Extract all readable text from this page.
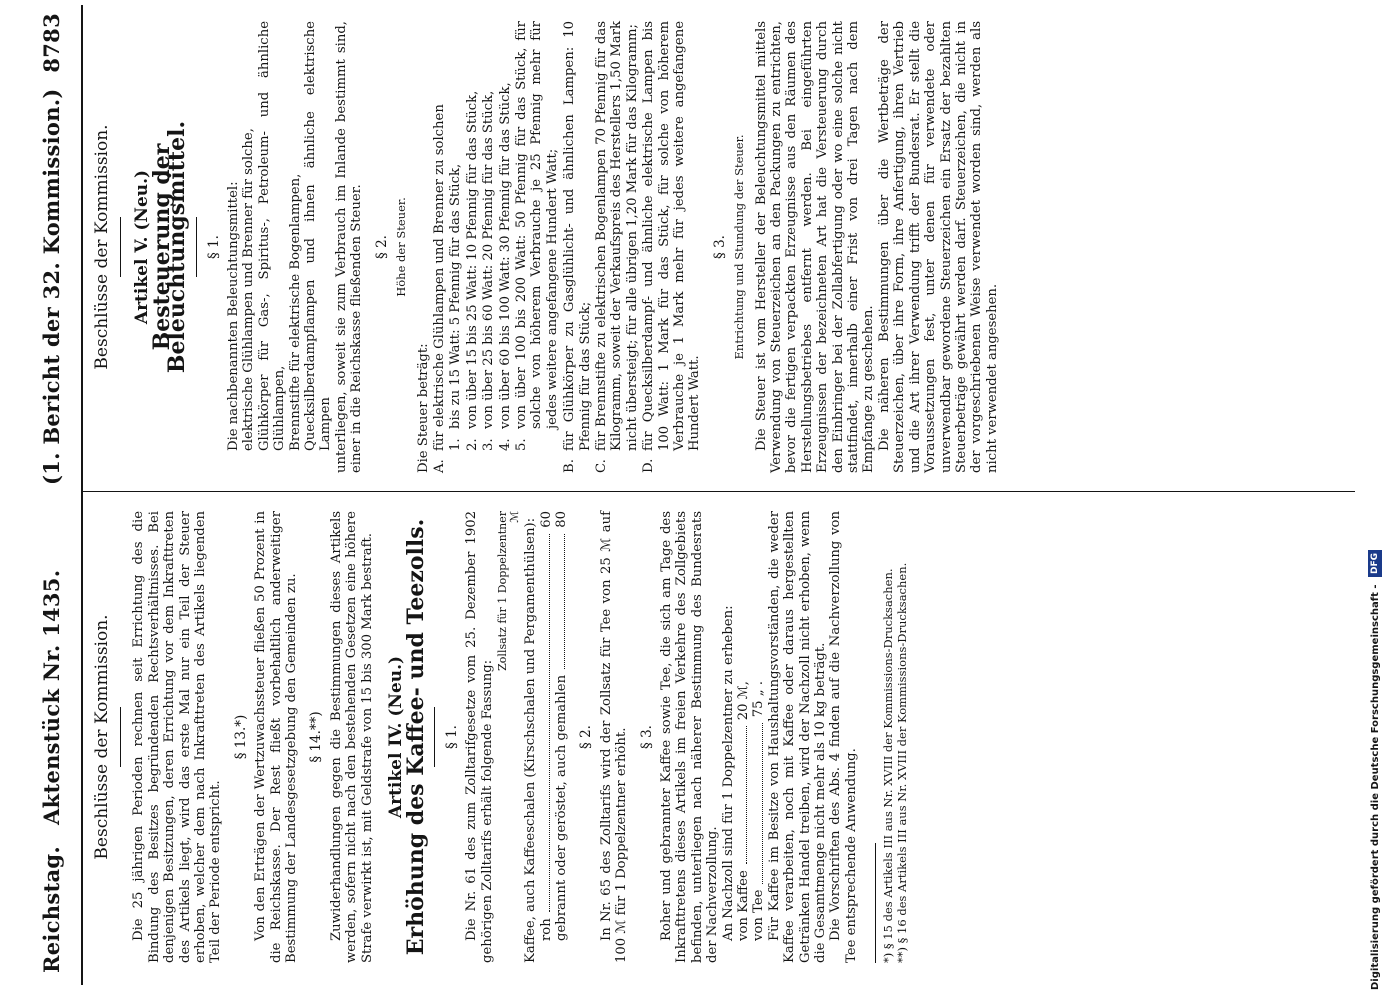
Reichstag.
Aktenstück Nr. 1435.
(1. Bericht der 32. Kommission.)
8783
Beschlüsse der Kommission. Die 25 jährigen Perioden rechnen seit Errichtung des die Bindung des Besitzes begründenden Rechtsverhältnisses. Bei denjenigen Besitzungen, deren Errichtung vor dem Inkrafttreten des Artikels liegt, wird das erste Mal nur ein Teil der Steuer erhoben, welcher dem nach Inkrafttreten des Artikels liegenden Teil der Periode entspricht.

§ 13.*) Von den Erträgen der Wertzuwachssteuer fließen 50 Prozent in die Reichskasse. Der Rest fließt vorbehaltlich anderweitiger Bestimmung der Landesgesetzgebung den Gemeinden zu. § 14.**) Zuwiderhandlungen gegen die Bestimmungen dieses Artikels werden, sofern nicht nach den bestehenden Gesetzen eine höhere Strafe verwirkt ist, mit Geldstrafe von 15 bis 300 Mark bestraft. Artikel IV. (Neu.)
Erhöhung des Kaffee- und Teezolls. § 1. Die Nr. 61 des zum Zolltarifgesetze vom 25. Dezember 1902 gehörigen Zolltarifs erhält folgende Fassung:

Zollsatz für 1 Doppelzentner
ℳ

Kaffee, auch Kaffeeschalen (Kirschschalen und Pergamenthülsen): roh
60
gebrannt oder geröstet, auch gemahlen
80
§ 2. In Nr. 65 des Zolltarifs wird der Zollsatz für Tee von 25 ℳ auf 100 ℳ für 1 Doppelzentner erhöht. § 3. Roher und gebrannter Kaffee sowie Tee, die sich am Tage des Inkrafttretens dieses Artikels im freien Verkehre des Zollgebiets befinden, unterliegen nach näherer Bestimmung des Bundesrats der Nachverzollung. An Nachzoll sind für 1 Doppelzentner zu erheben: von Kaffee
20 ℳ,
von Tee
75 „ . Für Kaffee im Besitze von Haushaltungsvorständen, die weder Kaffee verarbeiten, noch mit Kaffee oder daraus hergestellten Getränken Handel treiben, wird der Nachzoll nicht erhoben, wenn die Gesamtmenge nicht mehr als 10 kg beträgt. Die Vorschriften des Abs. 4 finden auf die Nachverzollung von Tee entsprechende Anwendung. *) § 15 des Artikels III aus Nr. XVIII der Kommissions-Drucksachen. **) § 16 des Artikels III aus Nr. XVIII der Kommissions-Drucksachen.

Beschlüsse der Kommission. Artikel V. (Neu.)
Besteuerung der Beleuchtungsmittel. § 1. Die nachbenannten Beleuchtungsmittel: elektrische Glühlampen und Brenner für solche, Glühkörper für Gas-, Spiritus-, Petroleum- und ähnliche Glühlampen, Brennstifte für elektrische Bogenlampen, Quecksilberdampflampen und ihnen ähnliche elektrische Lampen unterliegen, soweit sie zum Verbrauch im Inlande bestimmt sind, einer in die Reichskasse fließenden Steuer. § 2. Höhe der Steuer.

Die Steuer beträgt: A.
für elektrische Glühlampen und Brenner zu solchen 1.
bis zu 15 Watt: 5 Pfennig für das Stück,
2.
von über 15 bis 25 Watt: 10 Pfennig für das Stück,
3.
von über 25 bis 60 Watt: 20 Pfennig für das Stück,
4.
von über 60 bis 100 Watt: 30 Pfennig für das Stück,
5.
von über 100 bis 200 Watt: 50 Pfennig für das Stück, für solche von höherem Verbrauche je 25 Pfennig mehr für jedes weitere angefangene Hundert Watt;
B.
für Glühkörper zu Gasglühlicht- und ähnlichen Lampen: 10 Pfennig für das Stück;
C.
für Brennstifte zu elektrischen Bogenlampen 70 Pfennig für das Kilogramm, soweit der Verkaufspreis des Herstellers 1,50 Mark nicht übersteigt; für alle übrigen 1,20 Mark für das Kilogramm;
D.
für Quecksilberdampf- und ähnliche elektrische Lampen bis 100 Watt: 1 Mark für das Stück, für solche von höherem Verbrauche je 1 Mark mehr für jedes weitere angefangene Hundert Watt.
§ 3. Entrichtung und Stundung der Steuer. Die Steuer ist vom Hersteller der Beleuchtungsmittel mittels Verwendung von Steuerzeichen an den Packungen zu entrichten, bevor die fertigen verpackten Erzeugnisse aus den Räumen des Herstellungsbetriebes entfernt werden. Bei eingeführten Erzeugnissen der bezeichneten Art hat die Versteuerung durch den Einbringer bei der Zollabfertigung oder wo eine solche nicht stattfindet, innerhalb einer Frist von drei Tagen nach dem Empfange zu geschehen. Die näheren Bestimmungen über die Wertbeträge der Steuerzeichen, über ihre Form, ihre Anfertigung, ihren Vertrieb und die Art ihrer Verwendung trifft der Bundesrat. Er stellt die Voraussetzungen fest, unter denen für verwendete oder unverwendbar gewordene Steuerzeichen ein Ersatz der bezahlten Steuerbeträge gewährt werden darf. Steuerzeichen, die nicht in der vorgeschriebenen Weise verwendet worden sind, werden als nicht verwendet angesehen.

Digitalisierung gefördert durch die Deutsche Forschungsgemeinschaft - DFG
